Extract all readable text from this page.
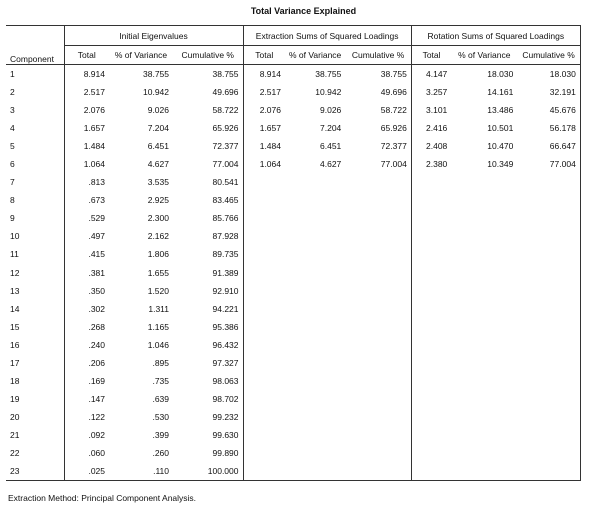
Total Variance Explained
Component	Initial Eigenvalues			Extraction Sums of Squared Loadings			Rotation Sums of Squared Loadings		
	Total	% of Variance	Cumulative %	Total	% of Variance	Cumulative %	Total	% of Variance	Cumulative %
1	8.914	38.755	38.755	8.914	38.755	38.755	4.147	18.030	18.030
2	2.517	10.942	49.696	2.517	10.942	49.696	3.257	14.161	32.191
3	2.076	9.026	58.722	2.076	9.026	58.722	3.101	13.486	45.676
4	1.657	7.204	65.926	1.657	7.204	65.926	2.416	10.501	56.178
5	1.484	6.451	72.377	1.484	6.451	72.377	2.408	10.470	66.647
6	1.064	4.627	77.004	1.064	4.627	77.004	2.380	10.349	77.004
7	.813	3.535	80.541						
8	.673	2.925	83.465						
9	.529	2.300	85.766						
10	.497	2.162	87.928						
11	.415	1.806	89.735						
12	.381	1.655	91.389						
13	.350	1.520	92.910						
14	.302	1.311	94.221						
15	.268	1.165	95.386						
16	.240	1.046	96.432						
17	.206	.895	97.327						
18	.169	.735	98.063						
19	.147	.639	98.702						
20	.122	.530	99.232						
21	.092	.399	99.630						
22	.060	.260	99.890						
23	.025	.110	100.000						
Extraction Method: Principal Component Analysis.
